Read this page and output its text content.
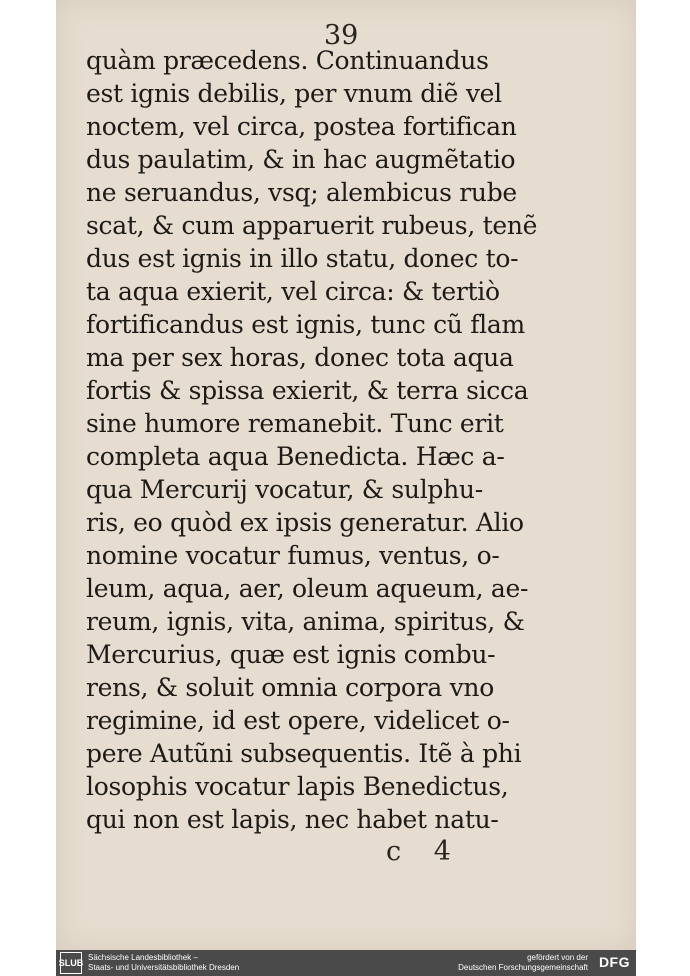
39
quàm præcedens. Continuandus
est ignis debilis, per vnum diẽ vel
noctem, vel circa, postea fortifican
dus paulatim, & in hac augmẽtatio
ne seruandus, vsq; alembicus rube
scat, & cum apparuerit rubeus, tenẽ
dus est ignis in illo statu, donec to-
ta aqua exierit, vel circa: & tertiò
fortificandus est ignis, tunc cũ flam
ma per sex horas, donec tota aqua
fortis & spissa exierit, & terra sicca
sine humore remanebit. Tunc erit
completa aqua Benedicta. Hæc a-
qua Mercurij vocatur, & sulphu-
ris, eo quòd ex ipsis generatur. Alio
nomine vocatur fumus, ventus, o-
leum, aqua, aer, oleum aqueum, ae-
reum, ignis, vita, anima, spiritus, &
Mercurius, quæ est ignis combu-
rens, & soluit omnia corpora vno
regimine, id est opere, videlicet o-
pere Autũni subsequentis. Itẽ à phi
losophis vocatur lapis Benedictus,
qui non est lapis, nec habet natu-
c 4
SLUB
Sächsische Landesbibliothek –
Staats- und Universitätsbibliothek Dresden
gefördert von der
Deutschen Forschungsgemeinschaft DFG
